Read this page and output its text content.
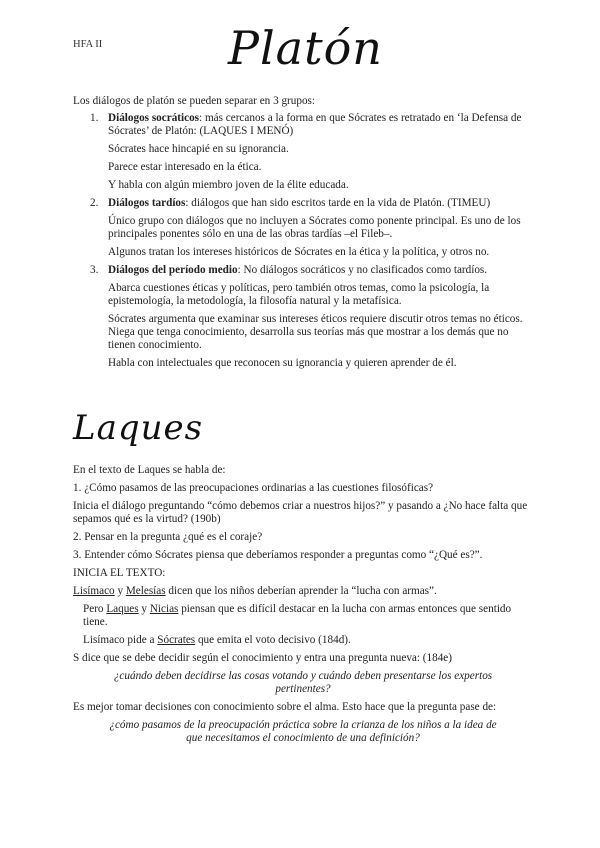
HFA II	Platón
Los diálogos de platón se pueden separar en 3 grupos:
1. Diálogos socráticos: más cercanos a la forma en que Sócrates es retratado en ‘la Defensa de Sócrates’ de Platón: (LAQUES I MENÓ)

Sócrates hace hincapié en su ignorancia.

Parece estar interesado en la ética.

Y habla con algún miembro joven de la élite educada.

2. Diálogos tardíos: diálogos que han sido escritos tarde en la vida de Platón. (TIMEU)

Único grupo con diálogos que no incluyen a Sócrates como ponente principal. Es uno de los principales ponentes sólo en una de las obras tardías –el Fileb–.

Algunos tratan los intereses históricos de Sócrates en la ética y la política, y otros no.

3. Diálogos del período medio: No diálogos socráticos y no clasificados como tardíos.

Abarca cuestiones éticas y políticas, pero también otros temas, como la psicología, la epistemología, la metodología, la filosofía natural y la metafísica.

Sócrates argumenta que examinar sus intereses éticos requiere discutir otros temas no éticos. Niega que tenga conocimiento, desarrolla sus teorías más que mostrar a los demás que no tienen conocimiento.

Habla con intelectuales que reconocen su ignorancia y quieren aprender de él.

Laques

En el texto de Laques se habla de:

1. ¿Cómo pasamos de las preocupaciones ordinarias a las cuestiones filosóficas?

Inicia el diálogo preguntando “cómo debemos criar a nuestros hijos?” y pasando a ¿No hace falta que sepamos qué es la virtud? (190b)

2. Pensar en la pregunta ¿qué es el coraje?

3. Entender cómo Sócrates piensa que deberíamos responder a preguntas como “¿Qué es?”.

INICIA EL TEXTO:

Lisímaco y Melesías dicen que los niños deberían aprender la “lucha con armas”.

Pero Laques y Nicias piensan que es difícil destacar en la lucha con armas entonces que sentido tiene.

Lisímaco pide a Sócrates que emita el voto decisivo (184d).

S dice que se debe decidir según el conocimiento y entra una pregunta nueva: (184e)

¿cuándo deben decidirse las cosas votando y cuándo deben presentarse los expertos pertinentes?

Es mejor tomar decisiones con conocimiento sobre el alma. Esto hace que la pregunta pase de:

¿cómo pasamos de la preocupación práctica sobre la crianza de los niños a la idea de que necesitamos el conocimiento de una definición?
